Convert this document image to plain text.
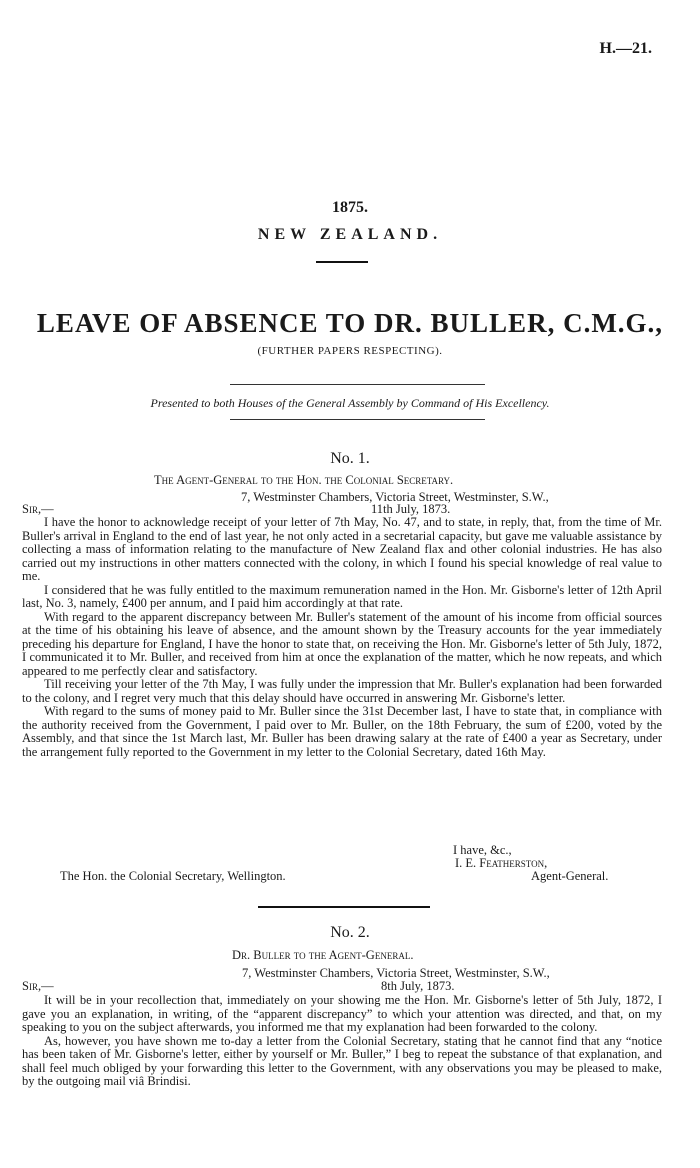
H.—21.
1875.
NEW ZEALAND.
LEAVE OF ABSENCE TO DR. BULLER, C.M.G.,
(FURTHER PAPERS RESPECTING).
Presented to both Houses of the General Assembly by Command of His Excellency.
No. 1.
The Agent-General to the Hon. the Colonial Secretary.
7, Westminster Chambers, Victoria Street, Westminster, S.W.,
Sir,—	11th July, 1873.

I have the honor to acknowledge receipt of your letter of 7th May, No. 47, and to state, in reply, that, from the time of Mr. Buller's arrival in England to the end of last year, he not only acted in a secretarial capacity, but gave me valuable assistance by collecting a mass of information relating to the manufacture of New Zealand flax and other colonial industries. He has also carried out my instructions in other matters connected with the colony, in which I found his special knowledge of real value to me.

I considered that he was fully entitled to the maximum remuneration named in the Hon. Mr. Gisborne's letter of 12th April last, No. 3, namely, £400 per annum, and I paid him accordingly at that rate.

With regard to the apparent discrepancy between Mr. Buller's statement of the amount of his income from official sources at the time of his obtaining his leave of absence, and the amount shown by the Treasury accounts for the year immediately preceding his departure for England, I have the honor to state that, on receiving the Hon. Mr. Gisborne's letter of 5th July, 1872, I communicated it to Mr. Buller, and received from him at once the explanation of the matter, which he now repeats, and which appeared to me perfectly clear and satisfactory.

Till receiving your letter of the 7th May, I was fully under the impression that Mr. Buller's explanation had been forwarded to the colony, and I regret very much that this delay should have occurred in answering Mr. Gisborne's letter.

With regard to the sums of money paid to Mr. Buller since the 31st December last, I have to state that, in compliance with the authority received from the Government, I paid over to Mr. Buller, on the 18th February, the sum of £200, voted by the Assembly, and that since the 1st March last, Mr. Buller has been drawing salary at the rate of £400 a year as Secretary, under the arrangement fully reported to the Government in my letter to the Colonial Secretary, dated 16th May.

I have, &c.,
I. E. Featherston,
The Hon. the Colonial Secretary, Wellington.	Agent-General.
No. 2.
Dr. Buller to the Agent-General.
7, Westminster Chambers, Victoria Street, Westminster, S.W.,
Sir,—	8th July, 1873.

It will be in your recollection that, immediately on your showing me the Hon. Mr. Gisborne's letter of 5th July, 1872, I gave you an explanation, in writing, of the “apparent discrepancy” to which your attention was directed, and that, on my speaking to you on the subject afterwards, you informed me that my explanation had been forwarded to the colony.

As, however, you have shown me to-day a letter from the Colonial Secretary, stating that he cannot find that any “notice has been taken of Mr. Gisborne's letter, either by yourself or Mr. Buller,” I beg to repeat the substance of that explanation, and shall feel much obliged by your forwarding this letter to the Government, with any observations you may be pleased to make, by the outgoing mail viâ Brindisi.
